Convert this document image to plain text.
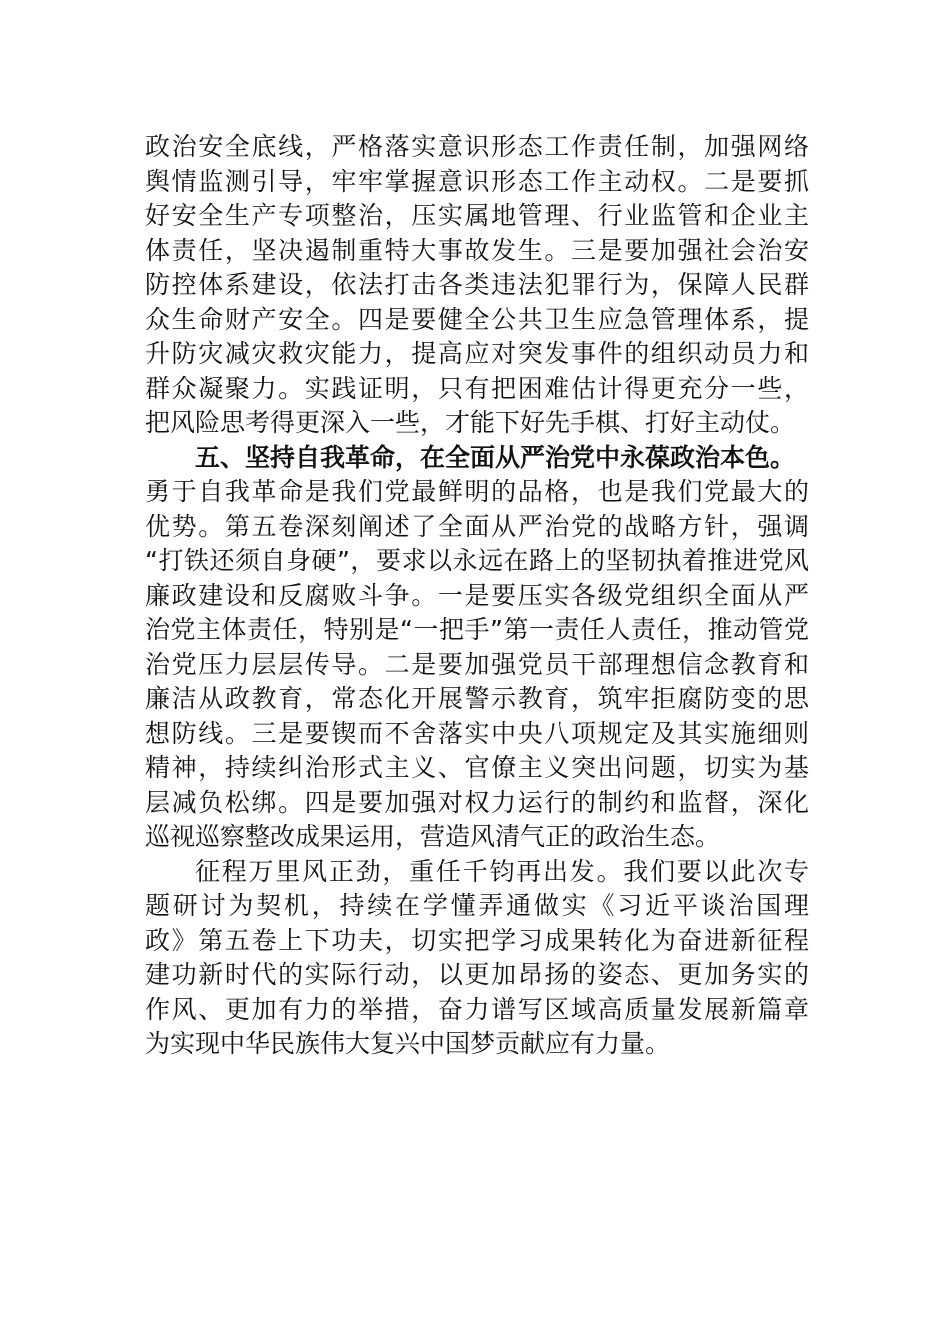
政治安全底线，严格落实意识形态工作责任制，加强网络
舆情监测引导，牢牢掌握意识形态工作主动权。二是要抓
好安全生产专项整治，压实属地管理、行业监管和企业主
体责任，坚决遏制重特大事故发生。三是要加强社会治安
防控体系建设，依法打击各类违法犯罪行为，保障人民群
众生命财产安全。四是要健全公共卫生应急管理体系，提
升防灾减灾救灾能力，提高应对突发事件的组织动员力和
群众凝聚力。实践证明，只有把困难估计得更充分一些，
把风险思考得更深入一些，才能下好先手棋、打好主动仗。
五、坚持自我革命，在全面从严治党中永葆政治本色。
勇于自我革命是我们党最鲜明的品格，也是我们党最大的
优势。第五卷深刻阐述了全面从严治党的战略方针，强调
“打铁还须自身硬”，要求以永远在路上的坚韧执着推进党风
廉政建设和反腐败斗争。一是要压实各级党组织全面从严
治党主体责任，特别是“一把手”第一责任人责任，推动管党
治党压力层层传导。二是要加强党员干部理想信念教育和
廉洁从政教育，常态化开展警示教育，筑牢拒腐防变的思
想防线。三是要锲而不舍落实中央八项规定及其实施细则
精神，持续纠治形式主义、官僚主义突出问题，切实为基
层减负松绑。四是要加强对权力运行的制约和监督，深化
巡视巡察整改成果运用，营造风清气正的政治生态。
征程万里风正劲，重任千钧再出发。我们要以此次专
题研讨为契机，持续在学懂弄通做实《习近平谈治国理
政》第五卷上下功夫，切实把学习成果转化为奋进新征程
建功新时代的实际行动，以更加昂扬的姿态、更加务实的
作风、更加有力的举措，奋力谱写区域高质量发展新篇章
为实现中华民族伟大复兴中国梦贡献应有力量。
